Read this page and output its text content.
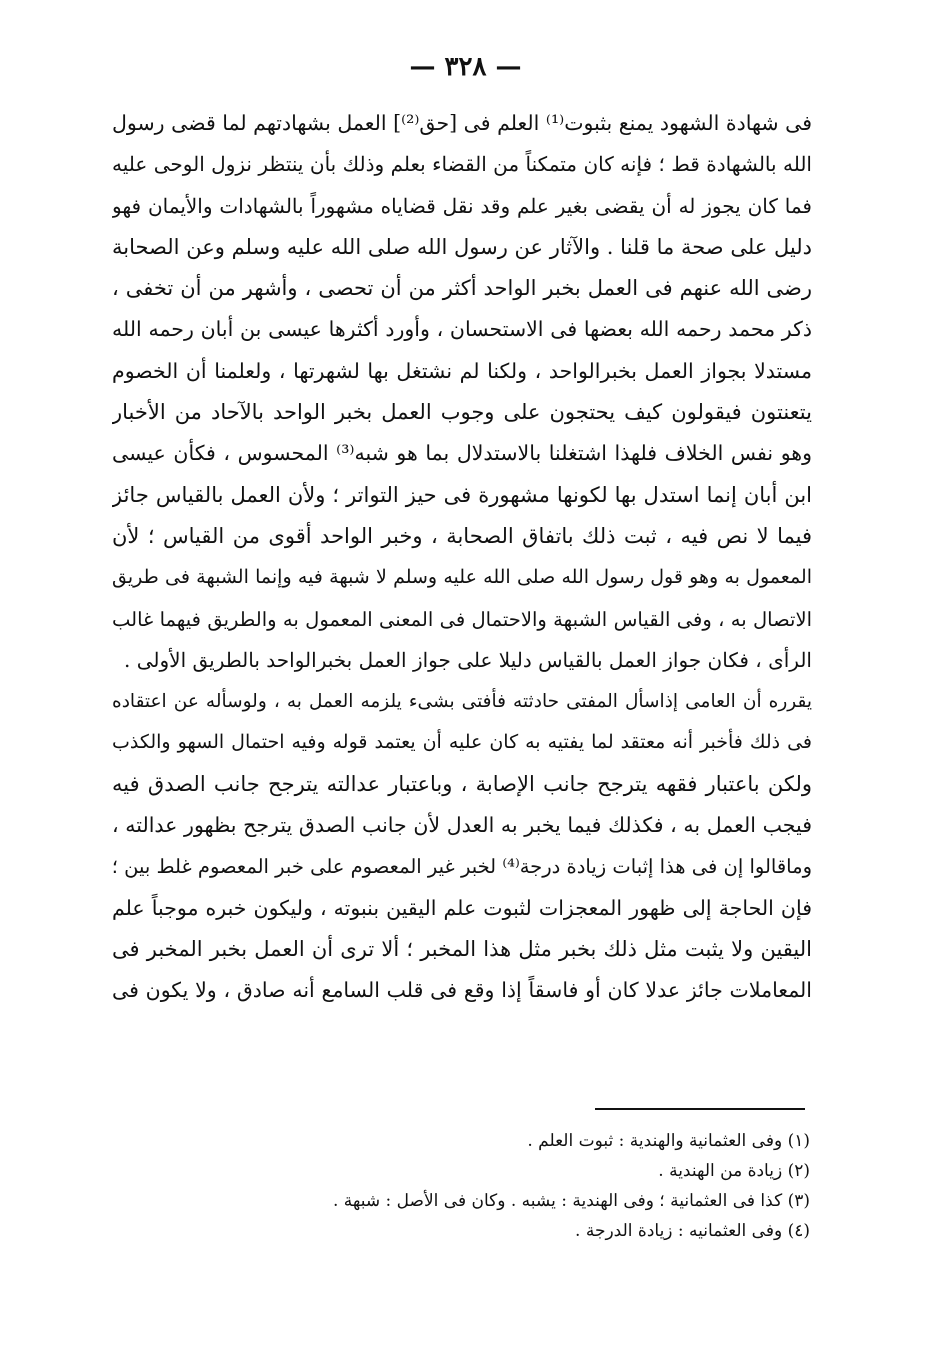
— ٣٢٨ —
فى شهادة الشهود يمنع بثبوت⁽¹⁾ العلم فى [حق⁽²⁾] العمل بشهادتهم لما قضى رسول
الله بالشهادة قط ؛ فإنه كان متمكناً من القضاء بعلم وذلك بأن ينتظر نزول الوحى عليه
فما كان يجوز له أن يقضى بغير علم وقد نقل قضاياه مشهوراً بالشهادات والأيمان فهو
دليل على صحة ما قلنا . والآثار عن رسول الله صلى الله عليه وسلم وعن الصحابة
رضى الله عنهم فى العمل بخبر الواحد أكثر من أن تحصى ، وأشهر من أن تخفى ،
ذكر محمد رحمه الله بعضها فى الاستحسان ، وأورد أكثرها عيسى بن أبان رحمه الله
مستدلا بجواز العمل بخبرالواحد ، ولكنا لم نشتغل بها لشهرتها ، ولعلمنا أن الخصوم
يتعنتون فيقولون كيف يحتجون على وجوب العمل بخبر الواحد بالآحاد من الأخبار
وهو نفس الخلاف فلهذا اشتغلنا بالاستدلال بما هو شبه⁽³⁾ المحسوس ، فكأن عيسى
ابن أبان إنما استدل بها لكونها مشهورة فى حيز التواتر ؛ ولأن العمل بالقياس جائز
فيما لا نص فيه ، ثبت ذلك باتفاق الصحابة ، وخبر الواحد أقوى من القياس ؛ لأن
المعمول به وهو قول رسول الله صلى الله عليه وسلم لا شبهة فيه وإنما الشبهة فى طريق
الاتصال به ، وفى القياس الشبهة والاحتمال فى المعنى المعمول به والطريق فيهما غالب
الرأى ، فكان جواز العمل بالقياس دليلا على جواز العمل بخبرالواحد بالطريق الأولى .
يقرره أن العامى إذاسأل المفتى حادثته فأفتى بشىء يلزمه العمل به ، ولوسأله عن اعتقاده
فى ذلك فأخبر أنه معتقد لما يفتيه به كان عليه أن يعتمد قوله وفيه احتمال السهو والكذب
ولكن باعتبار فقهه يترجح جانب الإصابة ، وباعتبار عدالته يترجح جانب الصدق فيه
فيجب العمل به ، فكذلك فيما يخبر به العدل لأن جانب الصدق يترجح بظهور عدالته ،
وماقالوا إن فى هذا إثبات زيادة درجة⁽⁴⁾ لخبر غير المعصوم على خبر المعصوم غلط بين ؛
فإن الحاجة إلى ظهور المعجزات لثبوت علم اليقين بنبوته ، وليكون خبره موجباً علم
اليقين ولا يثبت مثل ذلك بخبر مثل هذا المخبر ؛ ألا ترى أن العمل بخبر المخبر فى
المعاملات جائز عدلا كان أو فاسقاً إذا وقع فى قلب السامع أنه صادق ، ولا يكون فى
(١) وفى العثمانية والهندية : ثبوت العلم .
(٢) زيادة من الهندية .
(٣) كذا فى العثمانية ؛ وفى الهندية : يشبه . وكان فى الأصل : شبهة .
(٤) وفى العثمانيه : زيادة الدرجة .
